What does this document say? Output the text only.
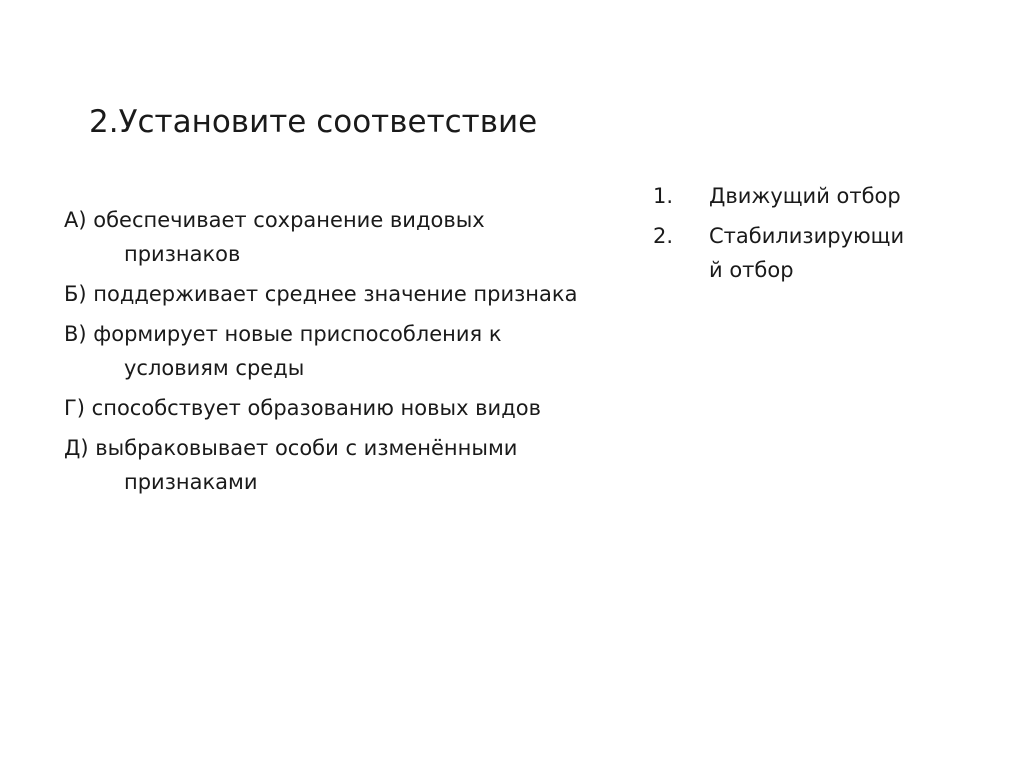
2.Установите соответствие
А) обеспечивает сохранение видовых признаков
Б) поддерживает среднее значение признака
В) формирует новые приспособления к условиям среды
Г) способствует образованию новых видов
Д) выбраковывает особи с изменёнными признаками
1.	Движущий отбор
2.	Стабилизирующий отбор
